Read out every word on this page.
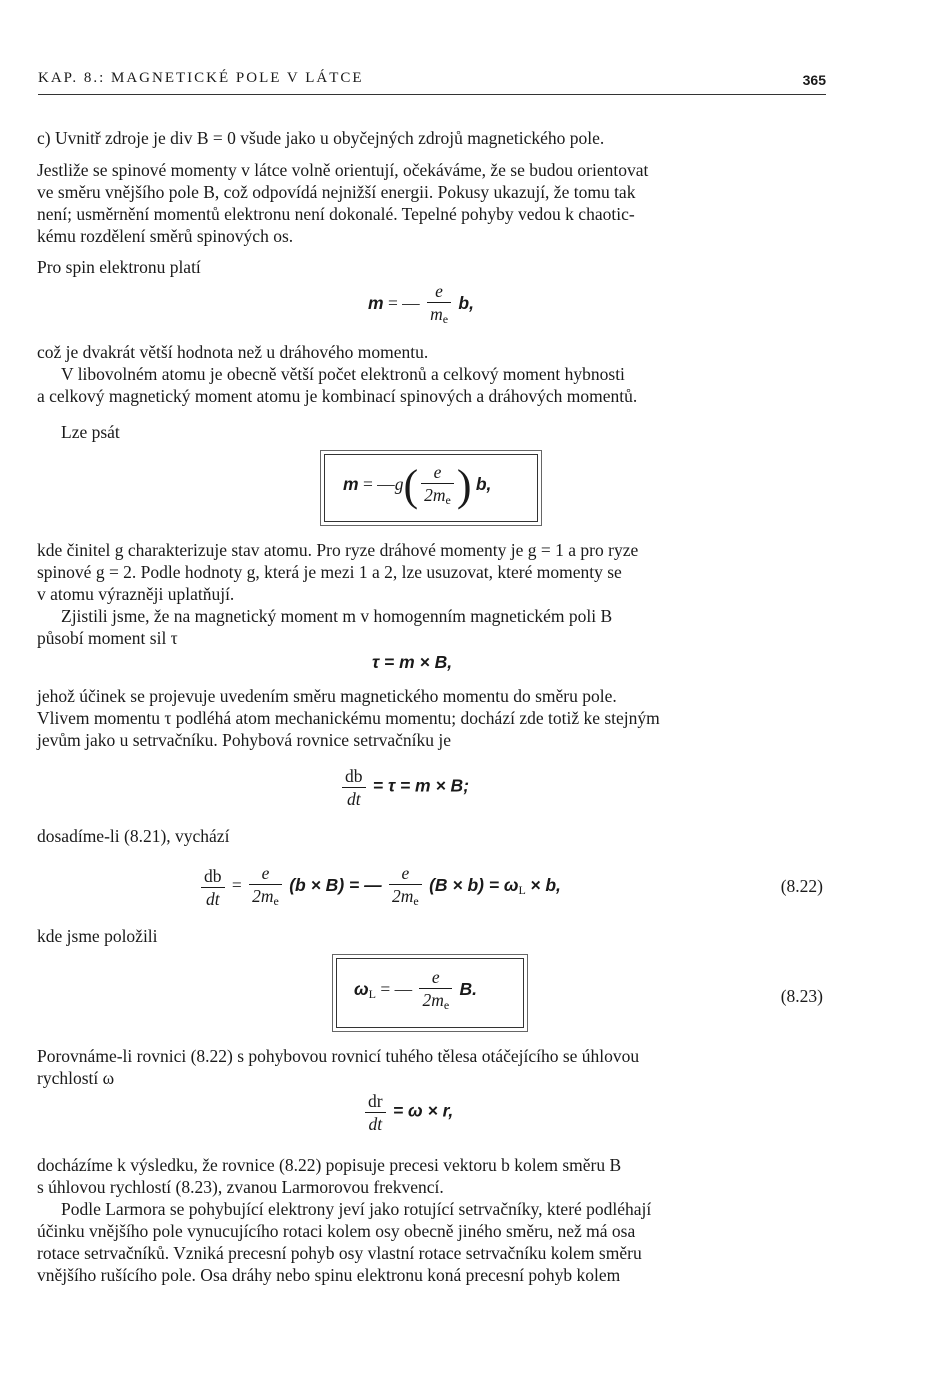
KAP. 8.: MAGNETICKÉ POLE V LÁTCE	365
c) Uvnitř zdroje je div B = 0 všude jako u obyčejných zdrojů magnetického pole.
Jestliže se spinové momenty v látce volně orientují, očekáváme, že se budou orientovat
ve směru vnějšího pole B, což odpovídá nejnižší energii. Pokusy ukazují, že tomu tak
není; usměrnění momentů elektronu není dokonalé. Tepelné pohyby vedou k chaotic-
kému rozdělení směrů spinových os.
Pro spin elektronu platí
m = — $\frac{e}{m_e} b$,
což je dvakrát větší hodnota než u dráhového momentu.
V libovolném atomu je obecně větší počet elektronů a celkový moment hybnosti
a celkový magnetický moment atomu je kombinací spinových a dráhových momentů.
Lze psát
m = —g( $\frac{e}{2m_e}$ ) b,
kde činitel g charakterizuje stav atomu. Pro ryze dráhové momenty je g = 1 a pro ryze
spinové g = 2. Podle hodnoty g, která je mezi 1 a 2, lze usuzovat, které momenty se
v atomu výrazněji uplatňují.
Zjistili jsme, že na magnetický moment m v homogenním magnetickém poli B
působí moment sil τ
τ = m × B,
jehož účinek se projevuje uvedením směru magnetického momentu do směru pole.
Vlivem momentu τ podléhá atom mechanickému momentu; dochází zde totiž ke stejným
jevům jako u setrvačníku. Pohybová rovnice setrvačníku je
$\frac{db}{dt} = \tau = m \times B$;
dosadíme-li (8.21), vychází
$\frac{db}{dt} = \frac{e}{2m_e} (b \times B)$ = — $\frac{e}{2m_e} (B \times b) = \omega_L \times b$,	(8.22)
kde jsme položili
$\omega_L$ = — $\frac{e}{2m_e} B$.	(8.23)
Porovnáme-li rovnici (8.22) s pohybovou rovnicí tuhého tělesa otáčejícího se úhlovou
rychlostí ω
$\frac{dr}{dt} = \omega \times r$,
docházíme k výsledku, že rovnice (8.22) popisuje precesi vektoru b kolem směru B
s úhlovou rychlostí (8.23), zvanou Larmorovou frekvencí.
Podle Larmora se pohybující elektrony jeví jako rotující setrvačníky, které podléhají
účinku vnějšího pole vynucujícího rotaci kolem osy obecně jiného směru, než má osa
rotace setrvačníků. Vzniká precesní pohyb osy vlastní rotace setrvačníku kolem směru
vnějšího rušícího pole. Osa dráhy nebo spinu elektronu koná precesní pohyb kolem
